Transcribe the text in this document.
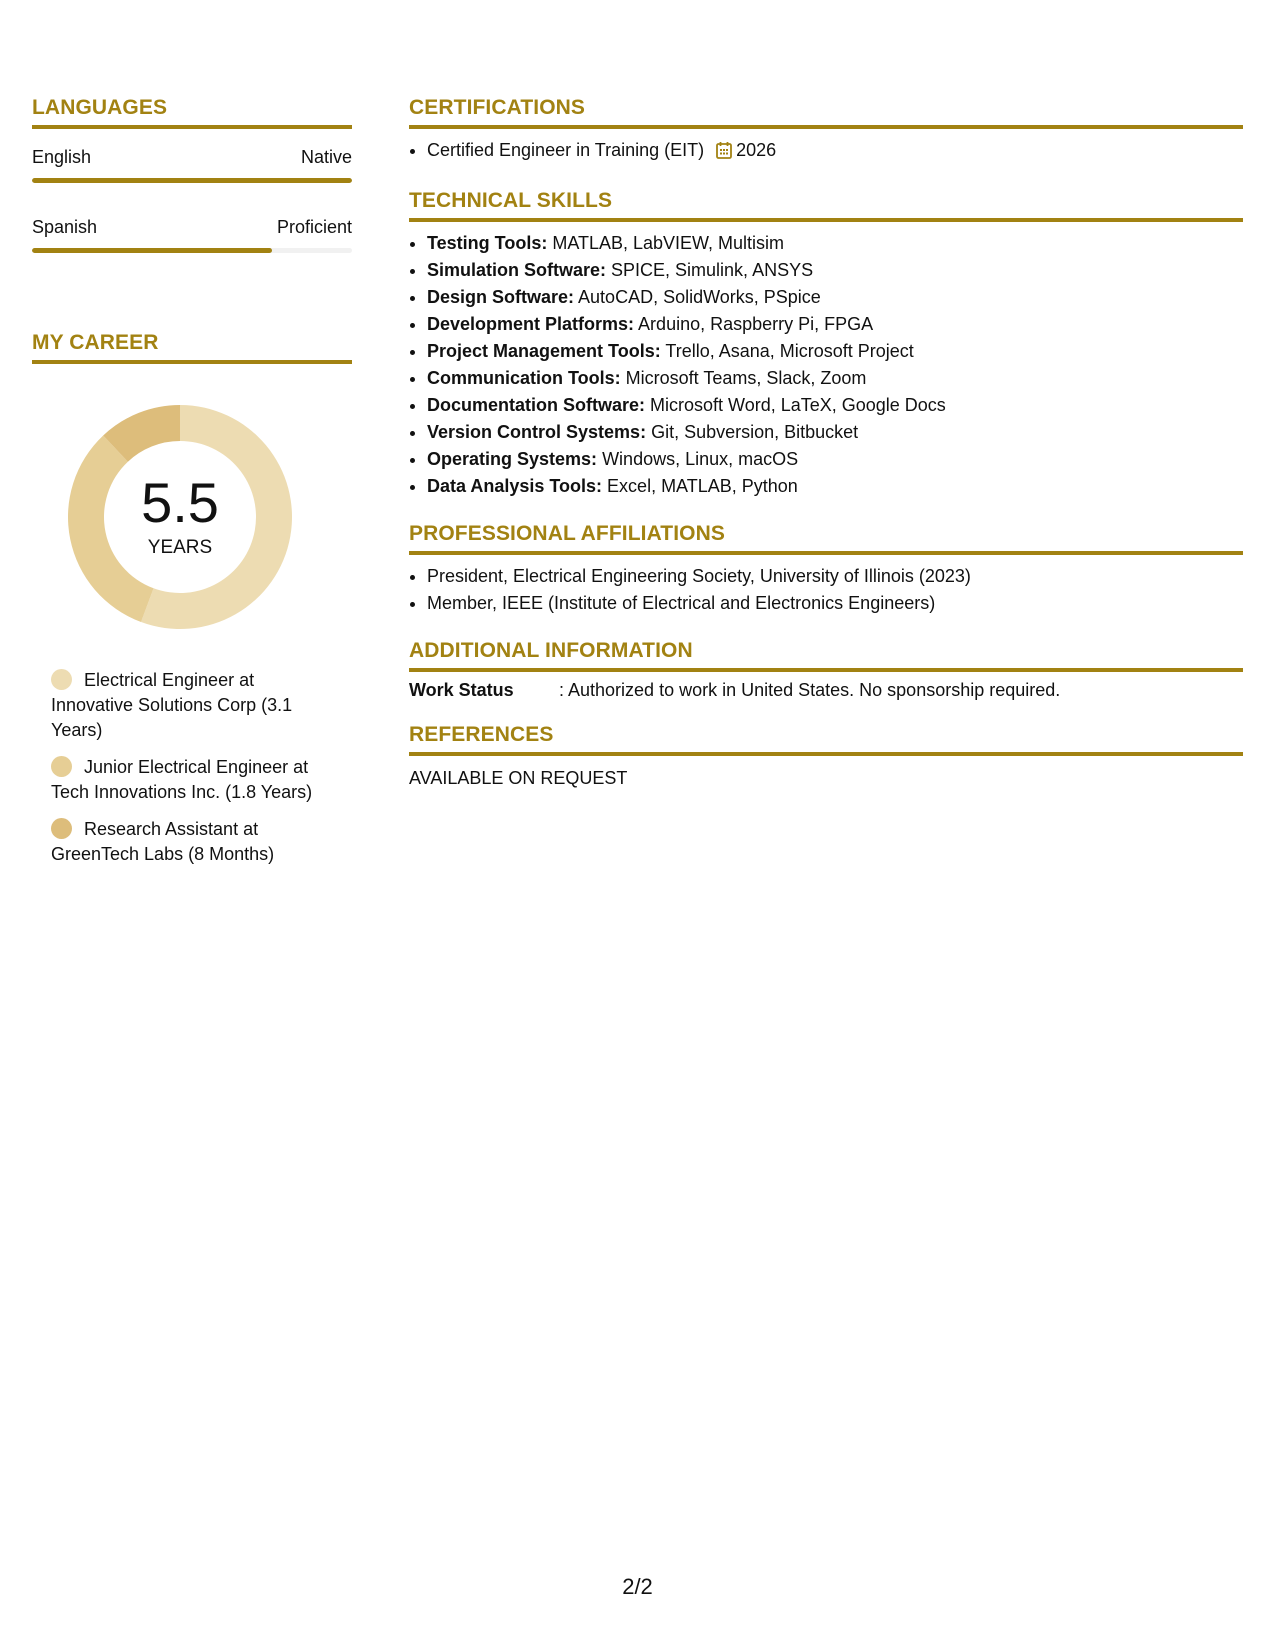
LANGUAGES
English	Native
Spanish	Proficient
MY CAREER
5.5
YEARS
Electrical Engineer at Innovative Solutions Corp (3.1 Years)
Junior Electrical Engineer at Tech Innovations Inc. (1.8 Years)
Research Assistant at GreenTech Labs (8 Months)
CERTIFICATIONS
• Certified Engineer in Training (EIT) 2026
TECHNICAL SKILLS
• Testing Tools: MATLAB, LabVIEW, Multisim
• Simulation Software: SPICE, Simulink, ANSYS
• Design Software: AutoCAD, SolidWorks, PSpice
• Development Platforms: Arduino, Raspberry Pi, FPGA
• Project Management Tools: Trello, Asana, Microsoft Project
• Communication Tools: Microsoft Teams, Slack, Zoom
• Documentation Software: Microsoft Word, LaTeX, Google Docs
• Version Control Systems: Git, Subversion, Bitbucket
• Operating Systems: Windows, Linux, macOS
• Data Analysis Tools: Excel, MATLAB, Python
PROFESSIONAL AFFILIATIONS
• President, Electrical Engineering Society, University of Illinois (2023)
• Member, IEEE (Institute of Electrical and Electronics Engineers)
ADDITIONAL INFORMATION
Work Status	: Authorized to work in United States. No sponsorship required.
REFERENCES
AVAILABLE ON REQUEST
2/2
